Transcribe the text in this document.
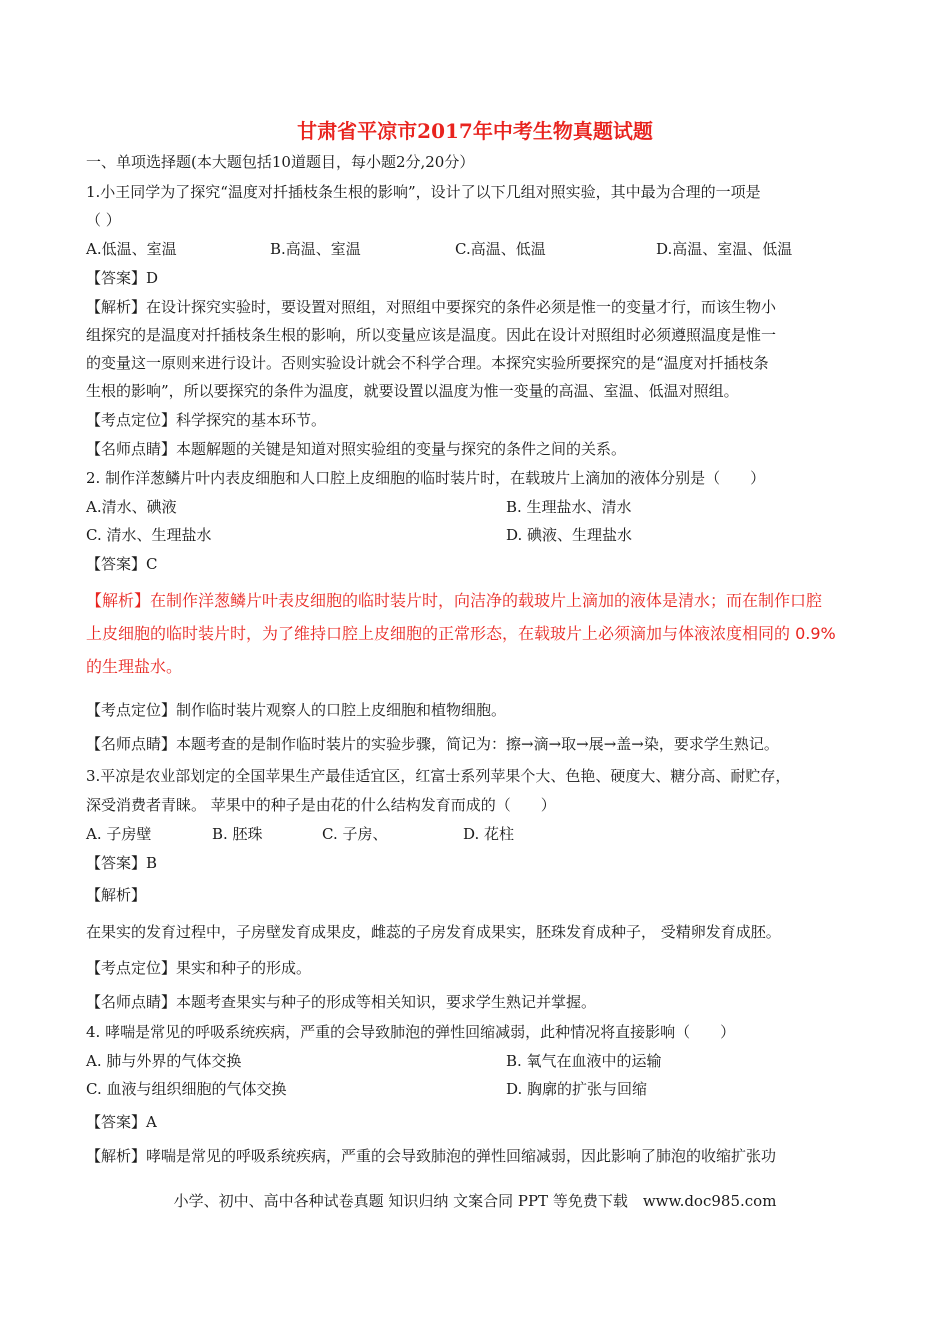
甘肃省平凉市2017年中考生物真题试题
一、单项选择题(本大题包括10道题目，每小题2分,20分）
1.小王同学为了探究“温度对扦插枝条生根的影响”，设计了以下几组对照实验，其中最为合理的一项是
（ ）
A.低温、室温	B.高温、室温	C.高温、低温	D.高温、室温、低温
【答案】D
【解析】在设计探究实验时，要设置对照组，对照组中要探究的条件必须是惟一的变量才行，而该生物小
组探究的是温度对扦插枝条生根的影响，所以变量应该是温度。因此在设计对照组时必须遵照温度是惟一
的变量这一原则来进行设计。否则实验设计就会不科学合理。本探究实验所要探究的是“温度对扦插枝条
生根的影响”，所以要探究的条件为温度，就要设置以温度为惟一变量的高温、室温、低温对照组。
【考点定位】科学探究的基本环节。
【名师点睛】本题解题的关键是知道对照实验组的变量与探究的条件之间的关系。
2. 制作洋葱鳞片叶内表皮细胞和人口腔上皮细胞的临时装片时，在载玻片上滴加的液体分别是（　　）
A.清水、碘液	B. 生理盐水、清水
C. 清水、生理盐水	D. 碘液、生理盐水
【答案】C
【解析】在制作洋葱鳞片叶表皮细胞的临时装片时，向洁净的载玻片上滴加的液体是清水；而在制作口腔
上皮细胞的临时装片时，为了维持口腔上皮细胞的正常形态，在载玻片上必须滴加与体液浓度相同的 0.9%
的生理盐水。
【考点定位】制作临时装片观察人的口腔上皮细胞和植物细胞。
【名师点睛】本题考查的是制作临时装片的实验步骤，简记为：擦→滴→取→展→盖→染，要求学生熟记。
3.平凉是农业部划定的全国苹果生产最佳适宜区，红富士系列苹果个大、色艳、硬度大、糖分高、耐贮存，
深受消费者青睐。 苹果中的种子是由花的什么结构发育而成的（　　）
A. 子房壁	B. 胚珠	C. 子房、	D. 花柱
【答案】B
【解析】
在果实的发育过程中，子房壁发育成果皮，雌蕊的子房发育成果实，胚珠发育成种子， 受精卵发育成胚。
【考点定位】果实和种子的形成。
【名师点睛】本题考查果实与种子的形成等相关知识，要求学生熟记并掌握。
4. 哮喘是常见的呼吸系统疾病，严重的会导致肺泡的弹性回缩减弱，此种情况将直接影响（　　）
A. 肺与外界的气体交换	B. 氧气在血液中的运输
C. 血液与组织细胞的气体交换	D. 胸廓的扩张与回缩
【答案】A
【解析】哮喘是常见的呼吸系统疾病，严重的会导致肺泡的弹性回缩减弱，因此影响了肺泡的收缩扩张功
小学、初中、高中各种试卷真题 知识归纳 文案合同 PPT 等免费下载　www.doc985.com
